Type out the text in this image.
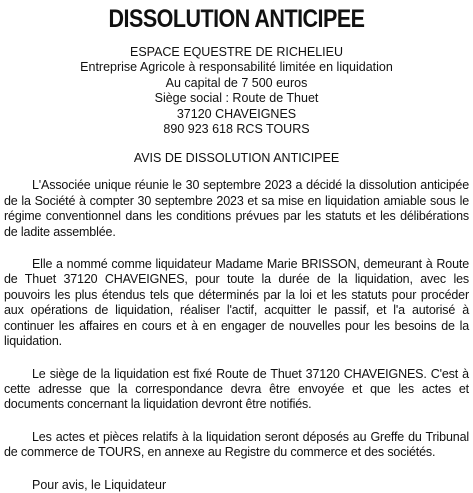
DISSOLUTION ANTICIPEE
ESPACE EQUESTRE DE RICHELIEU
Entreprise Agricole à responsabilité limitée en liquidation
Au capital de 7 500 euros
Siège social : Route de Thuet
37120 CHAVEIGNES
890 923 618 RCS TOURS
AVIS DE DISSOLUTION ANTICIPEE

L'Associée unique réunie le 30 septembre 2023 a décidé la dissolution anticipée de la Société à compter 30 septembre 2023 et sa mise en liquidation amiable sous le régime conventionnel dans les conditions prévues par les statuts et les délibérations de ladite assemblée.

Elle a nommé comme liquidateur Madame Marie BRISSON, demeurant à Route de Thuet 37120 CHAVEIGNES, pour toute la durée de la liquidation, avec les pouvoirs les plus étendus tels que déterminés par la loi et les statuts pour procéder aux opérations de liquidation, réaliser l'actif, acquitter le passif, et l'a autorisé à continuer les affaires en cours et à en engager de nouvelles pour les besoins de la liquidation.

Le siège de la liquidation est fixé Route de Thuet 37120 CHAVEIGNES. C'est à cette adresse que la correspondance devra être envoyée et que les actes et documents concernant la liquidation devront être notifiés.

Les actes et pièces relatifs à la liquidation seront déposés au Greffe du Tribunal de commerce de TOURS, en annexe au Registre du commerce et des sociétés.

Pour avis, le Liquidateur
